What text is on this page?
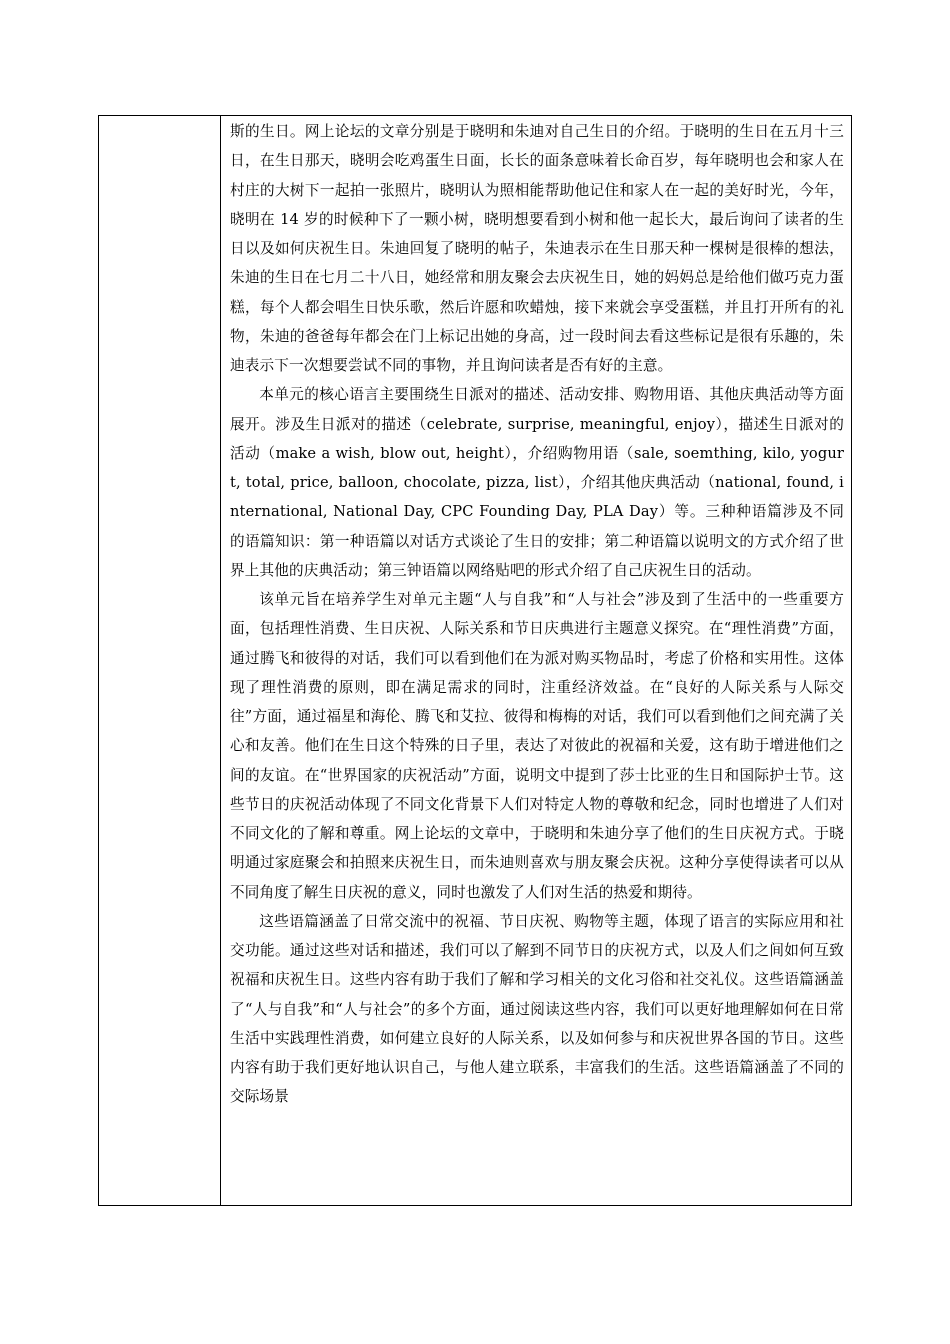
斯的生日。网上论坛的文章分别是于晓明和朱迪对自己生日的介绍。于晓明的生日在五月十三日，在生日那天，晓明会吃鸡蛋生日面，长长的面条意味着长命百岁，每年晓明也会和家人在村庄的大树下一起拍一张照片，晓明认为照相能帮助他记住和家人在一起的美好时光，今年，晓明在 14 岁的时候种下了一颗小树，晓明想要看到小树和他一起长大，最后询问了读者的生日以及如何庆祝生日。朱迪回复了晓明的帖子，朱迪表示在生日那天种一棵树是很棒的想法，朱迪的生日在七月二十八日，她经常和朋友聚会去庆祝生日，她的妈妈总是给他们做巧克力蛋糕，每个人都会唱生日快乐歌，然后许愿和吹蜡烛，接下来就会享受蛋糕，并且打开所有的礼物，朱迪的爸爸每年都会在门上标记出她的身高，过一段时间去看这些标记是很有乐趣的，朱迪表示下一次想要尝试不同的事物，并且询问读者是否有好的主意。

本单元的核心语言主要围绕生日派对的描述、活动安排、购物用语、其他庆典活动等方面展开。涉及生日派对的描述（celebrate, surprise, meaningful, enjoy），描述生日派对的活动（make a wish, blow out, height），介绍购物用语（sale, soemthing, kilo, yogurt, total, price, balloon, chocolate, pizza, list），介绍其他庆典活动（national, found, international, National Day, CPC Founding Day, PLA Day）等。三种种语篇涉及不同的语篇知识：第一种语篇以对话方式谈论了生日的安排；第二种语篇以说明文的方式介绍了世界上其他的庆典活动；第三钟语篇以网络贴吧的形式介绍了自己庆祝生日的活动。

该单元旨在培养学生对单元主题“人与自我”和“人与社会”涉及到了生活中的一些重要方面，包括理性消费、生日庆祝、人际关系和节日庆典进行主题意义探究。在“理性消费”方面，通过腾飞和彼得的对话，我们可以看到他们在为派对购买物品时，考虑了价格和实用性。这体现了理性消费的原则，即在满足需求的同时，注重经济效益。在“良好的人际关系与人际交往”方面，通过福星和海伦、腾飞和艾拉、彼得和梅梅的对话，我们可以看到他们之间充满了关心和友善。他们在生日这个特殊的日子里，表达了对彼此的祝福和关爱，这有助于增进他们之间的友谊。在“世界国家的庆祝活动”方面，说明文中提到了莎士比亚的生日和国际护士节。这些节日的庆祝活动体现了不同文化背景下人们对特定人物的尊敬和纪念，同时也增进了人们对不同文化的了解和尊重。网上论坛的文章中，于晓明和朱迪分享了他们的生日庆祝方式。于晓明通过家庭聚会和拍照来庆祝生日，而朱迪则喜欢与朋友聚会庆祝。这种分享使得读者可以从不同角度了解生日庆祝的意义，同时也激发了人们对生活的热爱和期待。

这些语篇涵盖了日常交流中的祝福、节日庆祝、购物等主题，体现了语言的实际应用和社交功能。通过这些对话和描述，我们可以了解到不同节日的庆祝方式，以及人们之间如何互致祝福和庆祝生日。这些内容有助于我们了解和学习相关的文化习俗和社交礼仪。这些语篇涵盖了“人与自我”和“人与社会”的多个方面，通过阅读这些内容，我们可以更好地理解如何在日常生活中实践理性消费，如何建立良好的人际关系，以及如何参与和庆祝世界各国的节日。这些内容有助于我们更好地认识自己，与他人建立联系，丰富我们的生活。这些语篇涵盖了不同的交际场景
